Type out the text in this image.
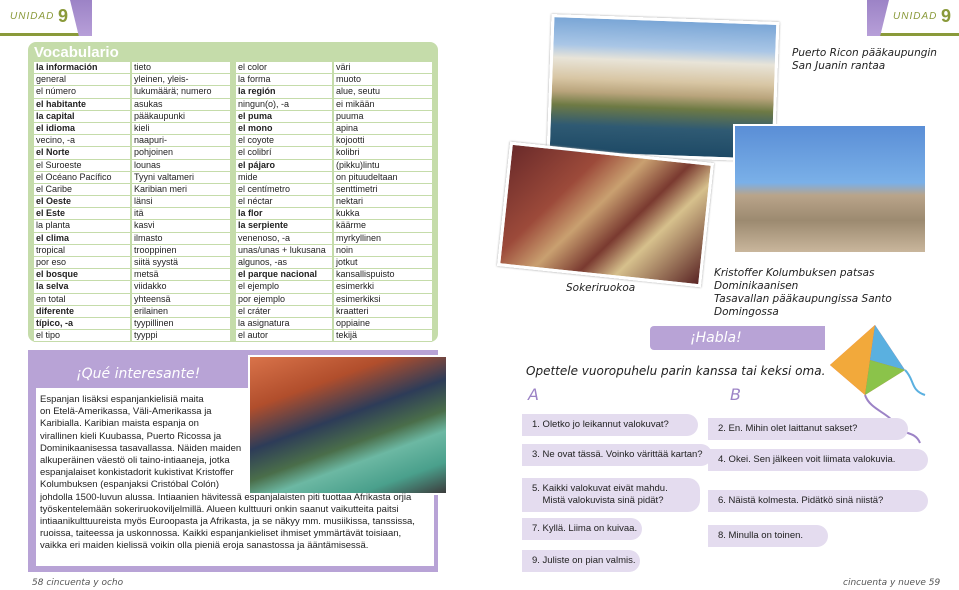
UNIDAD 9	UNIDAD 9
Vocabulario
la información	tieto
general	yleinen, yleis-
el número	lukumäärä; numero
el habitante	asukas
la capital	pääkaupunki
el idioma	kieli
vecino, -a	naapuri-
el Norte	pohjoinen
el Suroeste	lounas
el Océano Pacífico	Tyyni valtameri
el Caribe	Karibian meri
el Oeste	länsi
el Este	itä
la planta	kasvi
el clima	ilmasto
tropical	trooppinen
por eso	siitä syystä
el bosque	metsä
la selva	viidakko
en total	yhteensä
diferente	erilainen
típico, -a	tyypillinen
el tipo	tyyppi
el color	väri
la forma	muoto
la región	alue, seutu
ningun(o), -a	ei mikään
el puma	puuma
el mono	apina
el coyote	kojootti
el colibrí	kolibri
el pájaro	(pikku)lintu
mide	on pituudeltaan
el centímetro	senttimetri
el néctar	nektari
la flor	kukka
la serpiente	käärme
venenoso, -a	myrkyllinen
unas/unas + lukusana	noin
algunos, -as	jotkut
el parque nacional	kansallispuisto
el ejemplo	esimerkki
por ejemplo	esimerkiksi
el cráter	kraatteri
la asignatura	oppiaine
el autor	tekijä
¡Qué interesante!
Espanjan lisäksi espanjankielisiä maita
on Etelä-Amerikassa, Väli-Amerikassa ja
Karibialla. Karibian maista espanja on
virallinen kieli Kuubassa, Puerto Ricossa ja
Dominikaanisessa tasavallassa. Näiden maiden
alkuperäinen väestö oli taino-intiaaneja, jotka
espanjalaiset konkistadorit kukistivat Kristoffer
Kolumbuksen (espanjaksi Cristóbal Colón)
johdolla 1500-luvun alussa. Intiaanien hävitessä espanjalaisten piti tuottaa Afrikasta orjia
työskentelemään sokeriruokoviljelmillä. Alueen kulttuuri onkin saanut vaikutteita paitsi
intiaanikulttuureista myös Euroopasta ja Afrikasta, ja se näkyy mm. musiikissa, tanssissa,
ruoissa, taiteessa ja uskonnossa. Kaikki espanjankieliset ihmiset ymmärtävät toisiaan,
vaikka eri maiden kielissä voikin olla pieniä eroja sanastossa ja ääntämisessä.
Puerto Ricon pääkaupungin
San Juanin rantaa
Sokeriruokoa
Kristoffer Kolumbuksen patsas Dominikaanisen
Tasavallan pääkaupungissa Santo Domingossa
¡Habla!
Opettele vuoropuhelu parin kanssa tai keksi oma.
A	B
1. Oletko jo leikannut valokuvat?
3. Ne ovat tässä. Voinko värittää kartan?
5. Kaikki valokuvat eivät mahdu.
Mistä valokuvista sinä pidät?
7. Kyllä. Liima on kuivaa.
9. Juliste on pian valmis.
2. En. Mihin olet laittanut sakset?
4. Okei. Sen jälkeen voit liimata valokuvia.
6. Näistä kolmesta. Pidätkö sinä niistä?
8. Minulla on toinen.
58 cincuenta y ocho	cincuenta y nueve 59
